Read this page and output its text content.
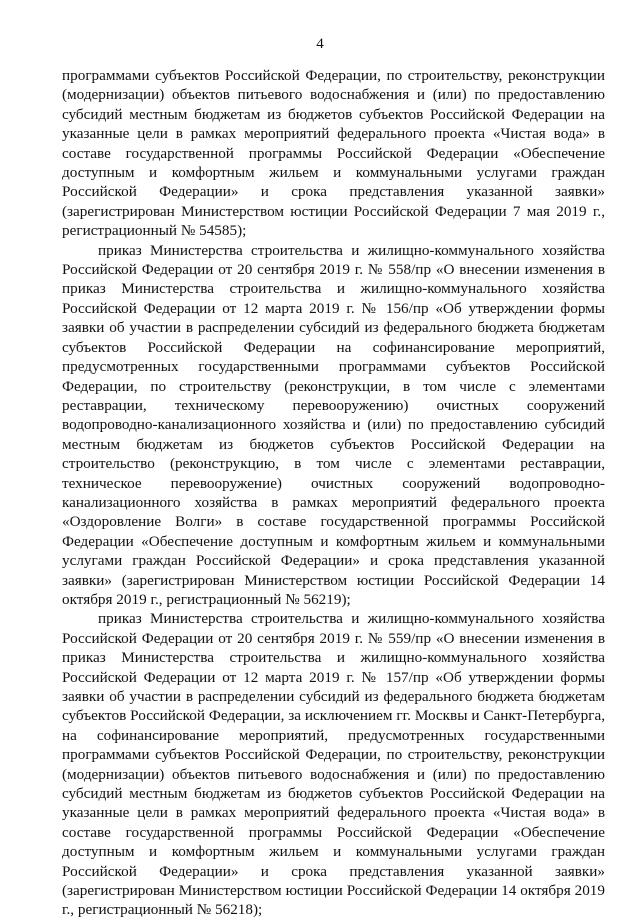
4

программами субъектов Российской Федерации, по строительству, реконструкции (модернизации) объектов питьевого водоснабжения и (или) по предоставлению субсидий местным бюджетам из бюджетов субъектов Российской Федерации на указанные цели в рамках мероприятий федерального проекта «Чистая вода» в составе государственной программы Российской Федерации «Обеспечение доступным и комфортным жильем и коммунальными услугами граждан Российской Федерации» и срока представления указанной заявки» (зарегистрирован Министерством юстиции Российской Федерации 7 мая 2019 г., регистрационный № 54585);

приказ Министерства строительства и жилищно-коммунального хозяйства Российской Федерации от 20 сентября 2019 г. № 558/пр «О внесении изменения в приказ Министерства строительства и жилищно-коммунального хозяйства Российской Федерации от 12 марта 2019 г. № 156/пр «Об утверждении формы заявки об участии в распределении субсидий из федерального бюджета бюджетам субъектов Российской Федерации на софинансирование мероприятий, предусмотренных государственными программами субъектов Российской Федерации, по строительству (реконструкции, в том числе с элементами реставрации, техническому перевооружению) очистных сооружений водопроводно-канализационного хозяйства и (или) по предоставлению субсидий местным бюджетам из бюджетов субъектов Российской Федерации на строительство (реконструкцию, в том числе с элементами реставрации, техническое перевооружение) очистных сооружений водопроводно-канализационного хозяйства в рамках мероприятий федерального проекта «Оздоровление Волги» в составе государственной программы Российской Федерации «Обеспечение доступным и комфортным жильем и коммунальными услугами граждан Российской Федерации» и срока представления указанной заявки» (зарегистрирован Министерством юстиции Российской Федерации 14 октября 2019 г., регистрационный № 56219);

приказ Министерства строительства и жилищно-коммунального хозяйства Российской Федерации от 20 сентября 2019 г. № 559/пр «О внесении изменения в приказ Министерства строительства и жилищно-коммунального хозяйства Российской Федерации от 12 марта 2019 г. № 157/пр «Об утверждении формы заявки об участии в распределении субсидий из федерального бюджета бюджетам субъектов Российской Федерации, за исключением гг. Москвы и Санкт-Петербурга, на софинансирование мероприятий, предусмотренных государственными программами субъектов Российской Федерации, по строительству, реконструкции (модернизации) объектов питьевого водоснабжения и (или) по предоставлению субсидий местным бюджетам из бюджетов субъектов Российской Федерации на указанные цели в рамках мероприятий федерального проекта «Чистая вода» в составе государственной программы Российской Федерации «Обеспечение доступным и комфортным жильем и коммунальными услугами граждан Российской Федерации» и срока представления указанной заявки» (зарегистрирован Министерством юстиции Российской Федерации 14 октября 2019 г., регистрационный № 56218);
